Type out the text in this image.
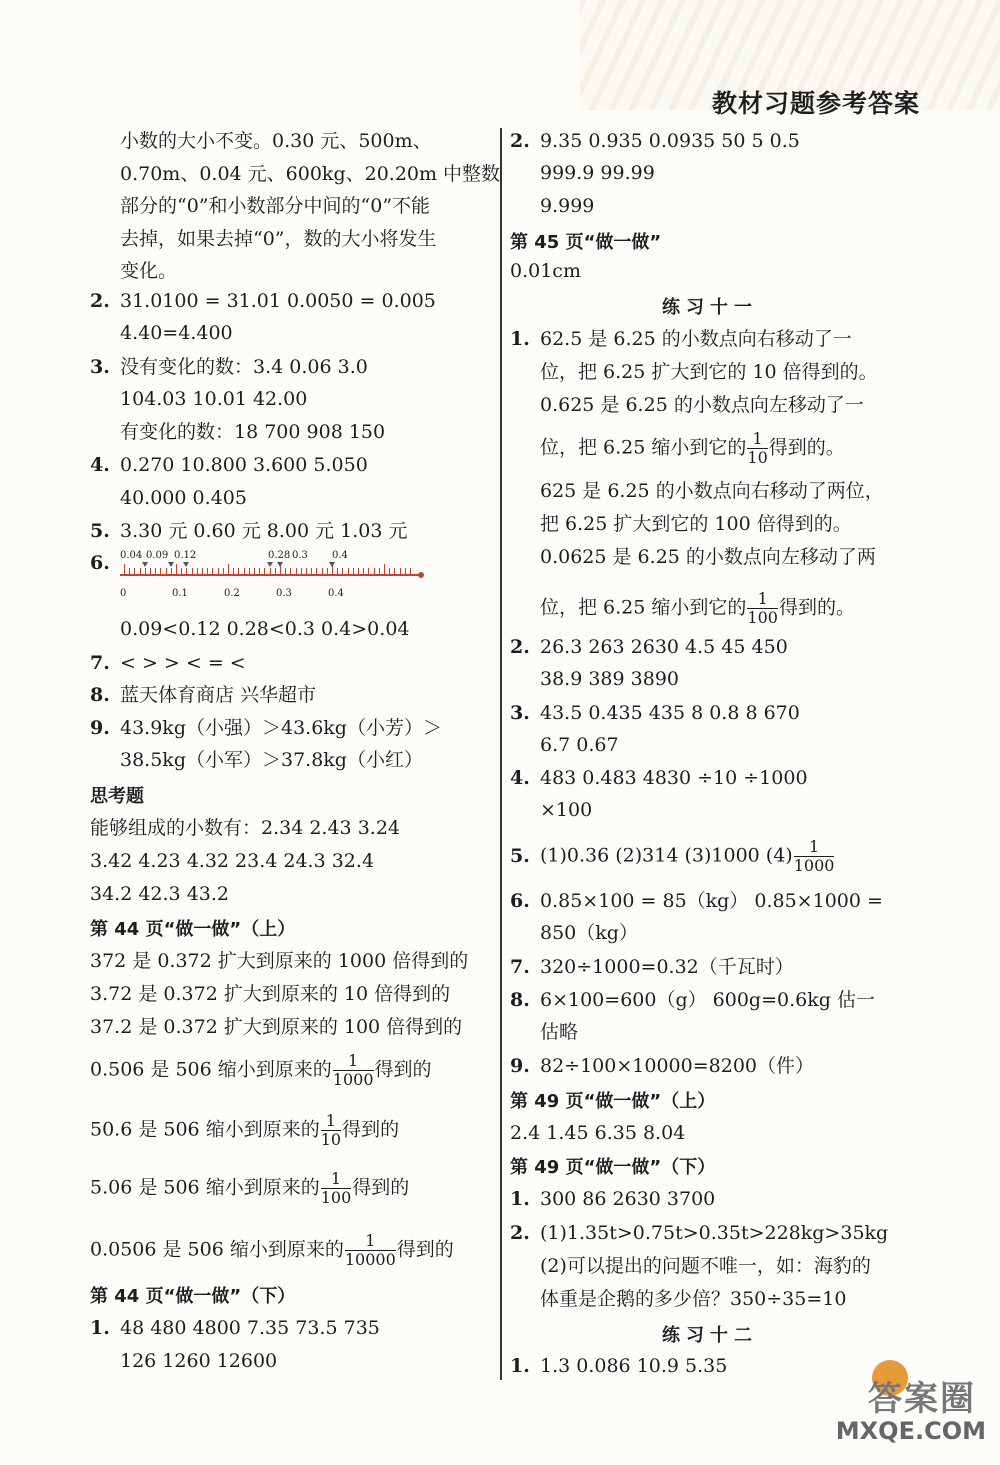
教材习题参考答案
小数的大小不变。0.30 元、500m、
0.70m、0.04 元、600kg、20.20m 中整数
部分的“0”和小数部分中间的“0”不能
去掉，如果去掉“0”，数的大小将发生
变化。
2. 31.0100 = 31.01 0.0050 = 0.005
4.40=4.400
3. 没有变化的数：3.4 0.06 3.0
104.03 10.01 42.00
有变化的数：18 700 908 150
4. 0.270 10.800 3.600 5.050
40.000 0.405
5. 3.30 元 0.60 元 8.00 元 1.03 元
6.	0.04 0.09 0.12	0.28 0.3 0.4
0	0.1	0.2	0.3	0.4
0.09<0.12 0.28<0.3 0.4>0.04
7. < > > < = <
8. 蓝天体育商店 兴华超市
9. 43.9kg（小强）＞43.6kg（小芳）＞
38.5kg（小军）＞37.8kg（小红）
思考题
能够组成的小数有：2.34 2.43 3.24
3.42 4.23 4.32 23.4 24.3 32.4
34.2 42.3 43.2
第 44 页“做一做”（上）
372 是 0.372 扩大到原来的 1000 倍得到的
3.72 是 0.372 扩大到原来的 10 倍得到的
37.2 是 0.372 扩大到原来的 100 倍得到的
0.506 是 506 缩小到原来的 $\frac{1}{1000}$ 得到的
50.6 是 506 缩小到原来的 $\frac{1}{10}$ 得到的
5.06 是 506 缩小到原来的 $\frac{1}{100}$ 得到的
0.0506 是 506 缩小到原来的 $\frac{1}{10000}$ 得到的
第 44 页“做一做”（下）
1. 48 480 4800 7.35 73.5 735
126 1260 12600
2. 9.35 0.935 0.0935 50 5 0.5
999.9 99.99
9.999
第 45 页“做一做”
0.01cm
练习十一
1. 62.5 是 6.25 的小数点向右移动了一
位，把 6.25 扩大到它的 10 倍得到的。
0.625 是 6.25 的小数点向左移动了一
位，把 6.25 缩小到它的 $\frac{1}{10}$ 得到的。
625 是 6.25 的小数点向右移动了两位，
把 6.25 扩大到它的 100 倍得到的。
0.0625 是 6.25 的小数点向左移动了两
位，把 6.25 缩小到它的 $\frac{1}{100}$ 得到的。
2. 26.3 263 2630 4.5 45 450
38.9 389 3890
3. 43.5 0.435 435 8 0.8 8 670
6.7 0.67
4. 483 0.483 4830 ÷10 ÷1000
×100
5. (1)0.36 (2)314 (3)1000 $(4) \frac{1}{1000}$
6. 0.85×100 = 85（kg） 0.85×1000 =
850（kg）
7. 320÷1000=0.32（千瓦时）
8. 6×100=600（g） 600g=0.6kg 估一
估略
9. 82÷100×10000=8200（件）
第 49 页“做一做”（上）
2.4 1.45 6.35 8.04
第 49 页“做一做”（下）
1. 300 86 2630 3700
2. (1)1.35t>0.75t>0.35t>228kg>35kg
(2)可以提出的问题不唯一，如：海豹的
体重是企鹅的多少倍？350÷35=10
练习十二
1. 1.3 0.086 10.9 5.35
答案圈
MXQE.COM
